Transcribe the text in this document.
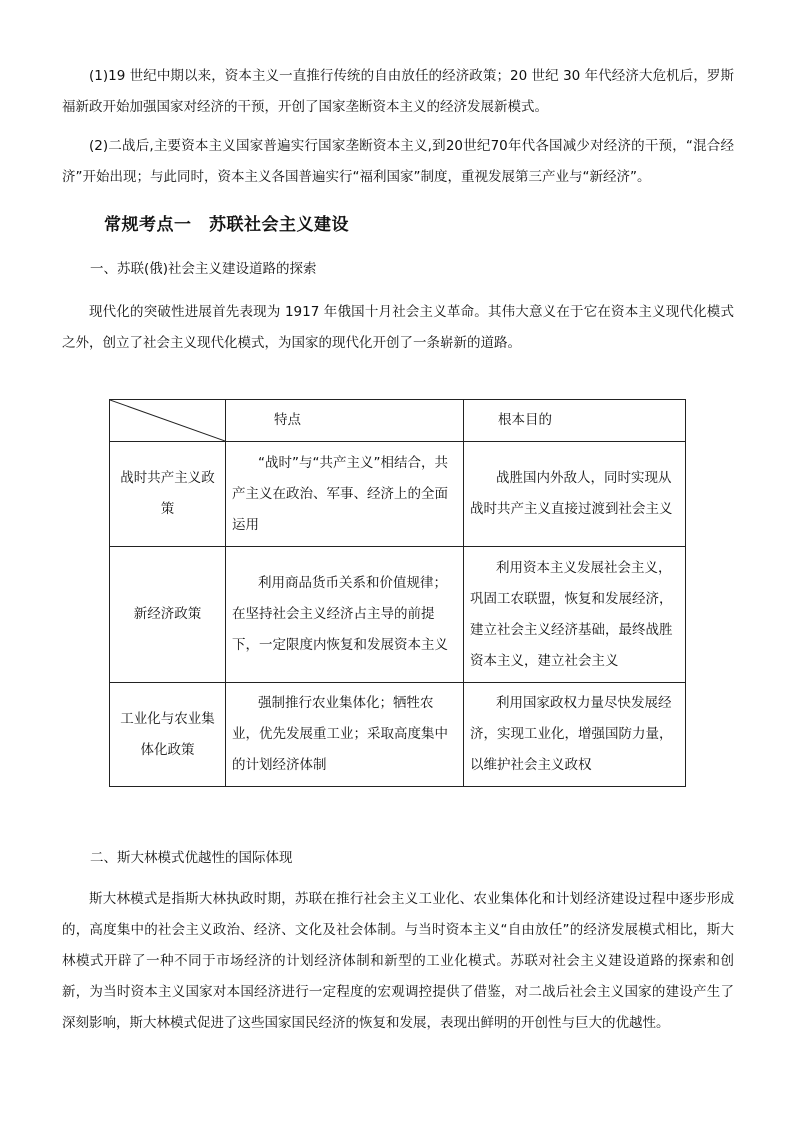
(1)19 世纪中期以来，资本主义一直推行传统的自由放任的经济政策；20 世纪 30 年代经济大危机后，罗斯福新政开始加强国家对经济的干预，开创了国家垄断资本主义的经济发展新模式。

(2)二战后,主要资本主义国家普遍实行国家垄断资本主义,到20世纪70年代各国减少对经济的干预，“混合经济”开始出现；与此同时，资本主义各国普遍实行“福利国家”制度，重视发展第三产业与“新经济”。

常规考点一　苏联社会主义建设

一、苏联(俄)社会主义建设道路的探索

现代化的突破性进展首先表现为 1917 年俄国十月社会主义革命。其伟大意义在于它在资本主义现代化模式之外，创立了社会主义现代化模式，为国家的现代化开创了一条崭新的道路。

	特点	根本目的
战时共产主义政策	“战时”与“共产主义”相结合，共产主义在政治、军事、经济上的全面运用	战胜国内外敌人，同时实现从战时共产主义直接过渡到社会主义
新经济政策	利用商品货币关系和价值规律；在坚持社会主义经济占主导的前提下，一定限度内恢复和发展资本主义	利用资本主义发展社会主义，巩固工农联盟，恢复和发展经济，建立社会主义经济基础，最终战胜资本主义，建立社会主义
工业化与农业集体化政策	强制推行农业集体化；牺牲农业，优先发展重工业；采取高度集中的计划经济体制	利用国家政权力量尽快发展经济，实现工业化，增强国防力量，以维护社会主义政权

二、斯大林模式优越性的国际体现

斯大林模式是指斯大林执政时期，苏联在推行社会主义工业化、农业集体化和计划经济建设过程中逐步形成的，高度集中的社会主义政治、经济、文化及社会体制。与当时资本主义“自由放任”的经济发展模式相比，斯大林模式开辟了一种不同于市场经济的计划经济体制和新型的工业化模式。苏联对社会主义建设道路的探索和创新，为当时资本主义国家对本国经济进行一定程度的宏观调控提供了借鉴，对二战后社会主义国家的建设产生了深刻影响，斯大林模式促进了这些国家国民经济的恢复和发展，表现出鲜明的开创性与巨大的优越性。
